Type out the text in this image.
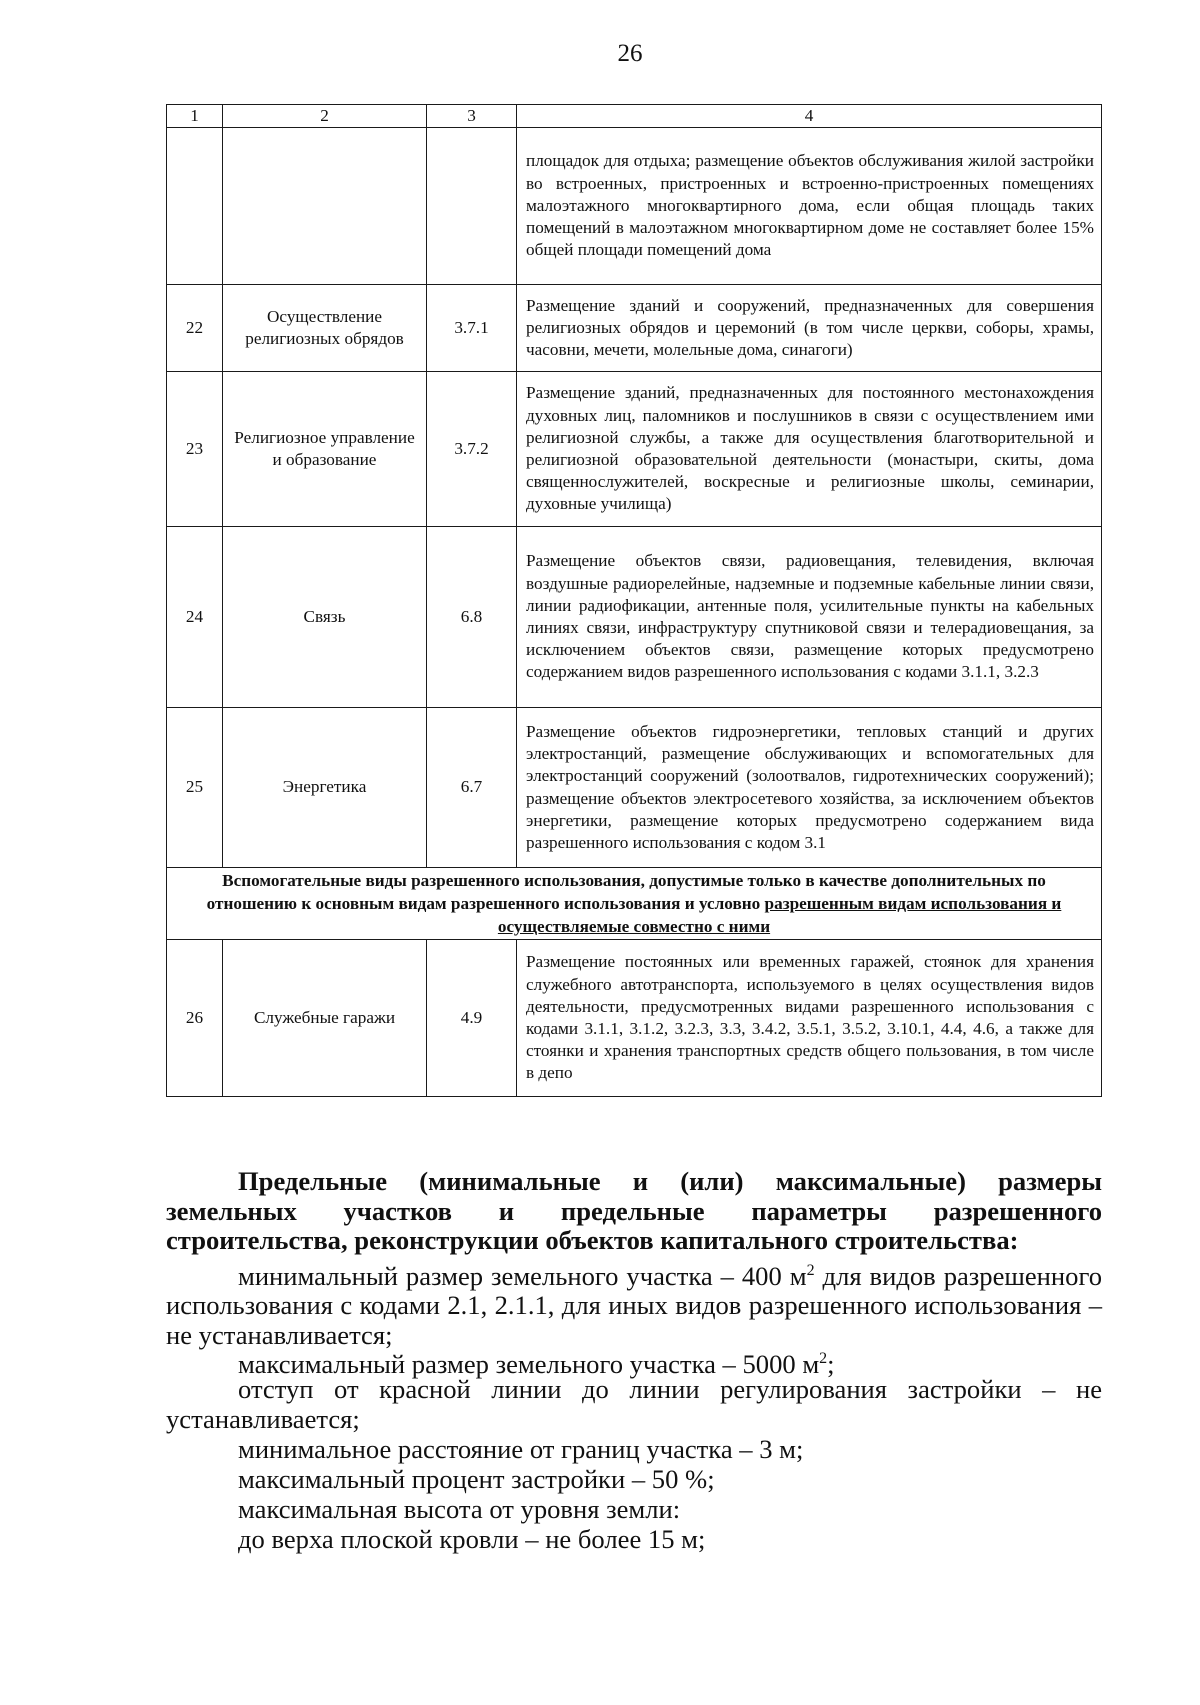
26
1	2	3	4
			площадок для отдыха; размещение объектов обслуживания жилой застройки во встроенных, пристроенных и встроенно-пристроенных помещениях малоэтажного многоквартирного дома, если общая площадь таких помещений в малоэтажном многоквартирном доме не составляет более 15% общей площади помещений дома
22	Осуществление религиозных обрядов	3.7.1	Размещение зданий и сооружений, предназначенных для совершения религиозных обрядов и церемоний (в том числе церкви, соборы, храмы, часовни, мечети, молельные дома, синагоги)
23	Религиозное управление и образование	3.7.2	Размещение зданий, предназначенных для постоянного местонахождения духовных лиц, паломников и послушников в связи с осуществлением ими религиозной службы, а также для осуществления благотворительной и религиозной образовательной деятельности (монастыри, скиты, дома священнослужителей, воскресные и религиозные школы, семинарии, духовные училища)
24	Связь	6.8	Размещение объектов связи, радиовещания, телевидения, включая воздушные радиорелейные, надземные и подземные кабельные линии связи, линии радиофикации, антенные поля, усилительные пункты на кабельных линиях связи, инфраструктуру спутниковой связи и телерадиовещания, за исключением объектов связи, размещение которых предусмотрено содержанием видов разрешенного использования с кодами 3.1.1, 3.2.3
25	Энергетика	6.7	Размещение объектов гидроэнергетики, тепловых станций и других электростанций, размещение обслуживающих и вспомогательных для электростанций сооружений (золоотвалов, гидротехнических сооружений); размещение объектов электросетевого хозяйства, за исключением объектов энергетики, размещение которых предусмотрено содержанием вида разрешенного использования с кодом 3.1
Вспомогательные виды разрешенного использования, допустимые только в качестве дополнительных по отношению к основным видам разрешенного использования и условно разрешенным видам использования и осуществляемые совместно с ними			
26	Служебные гаражи	4.9	Размещение постоянных или временных гаражей, стоянок для хранения служебного автотранспорта, используемого в целях осуществления видов деятельности, предусмотренных видами разрешенного использования с кодами 3.1.1, 3.1.2, 3.2.3, 3.3, 3.4.2, 3.5.1, 3.5.2, 3.10.1, 4.4, 4.6, а также для стоянки и хранения транспортных средств общего пользования, в том числе в депо
Предельные (минимальные и (или) максимальные) размеры земельных участков и предельные параметры разрешенного
строительства, реконструкции объектов капитального строительства:
минимальный размер земельного участка – 400 $м^2$ для видов разрешенного использования с кодами 2.1, 2.1.1, для иных видов разрешенного использования – не устанавливается;
максимальный размер земельного участка – 5000 $м^2$;
отступ от красной линии до линии регулирования застройки – не устанавливается;
минимальное расстояние от границ участка – 3 м;
максимальный процент застройки – 50 %;
максимальная высота от уровня земли:
до верха плоской кровли – не более 15 м;
